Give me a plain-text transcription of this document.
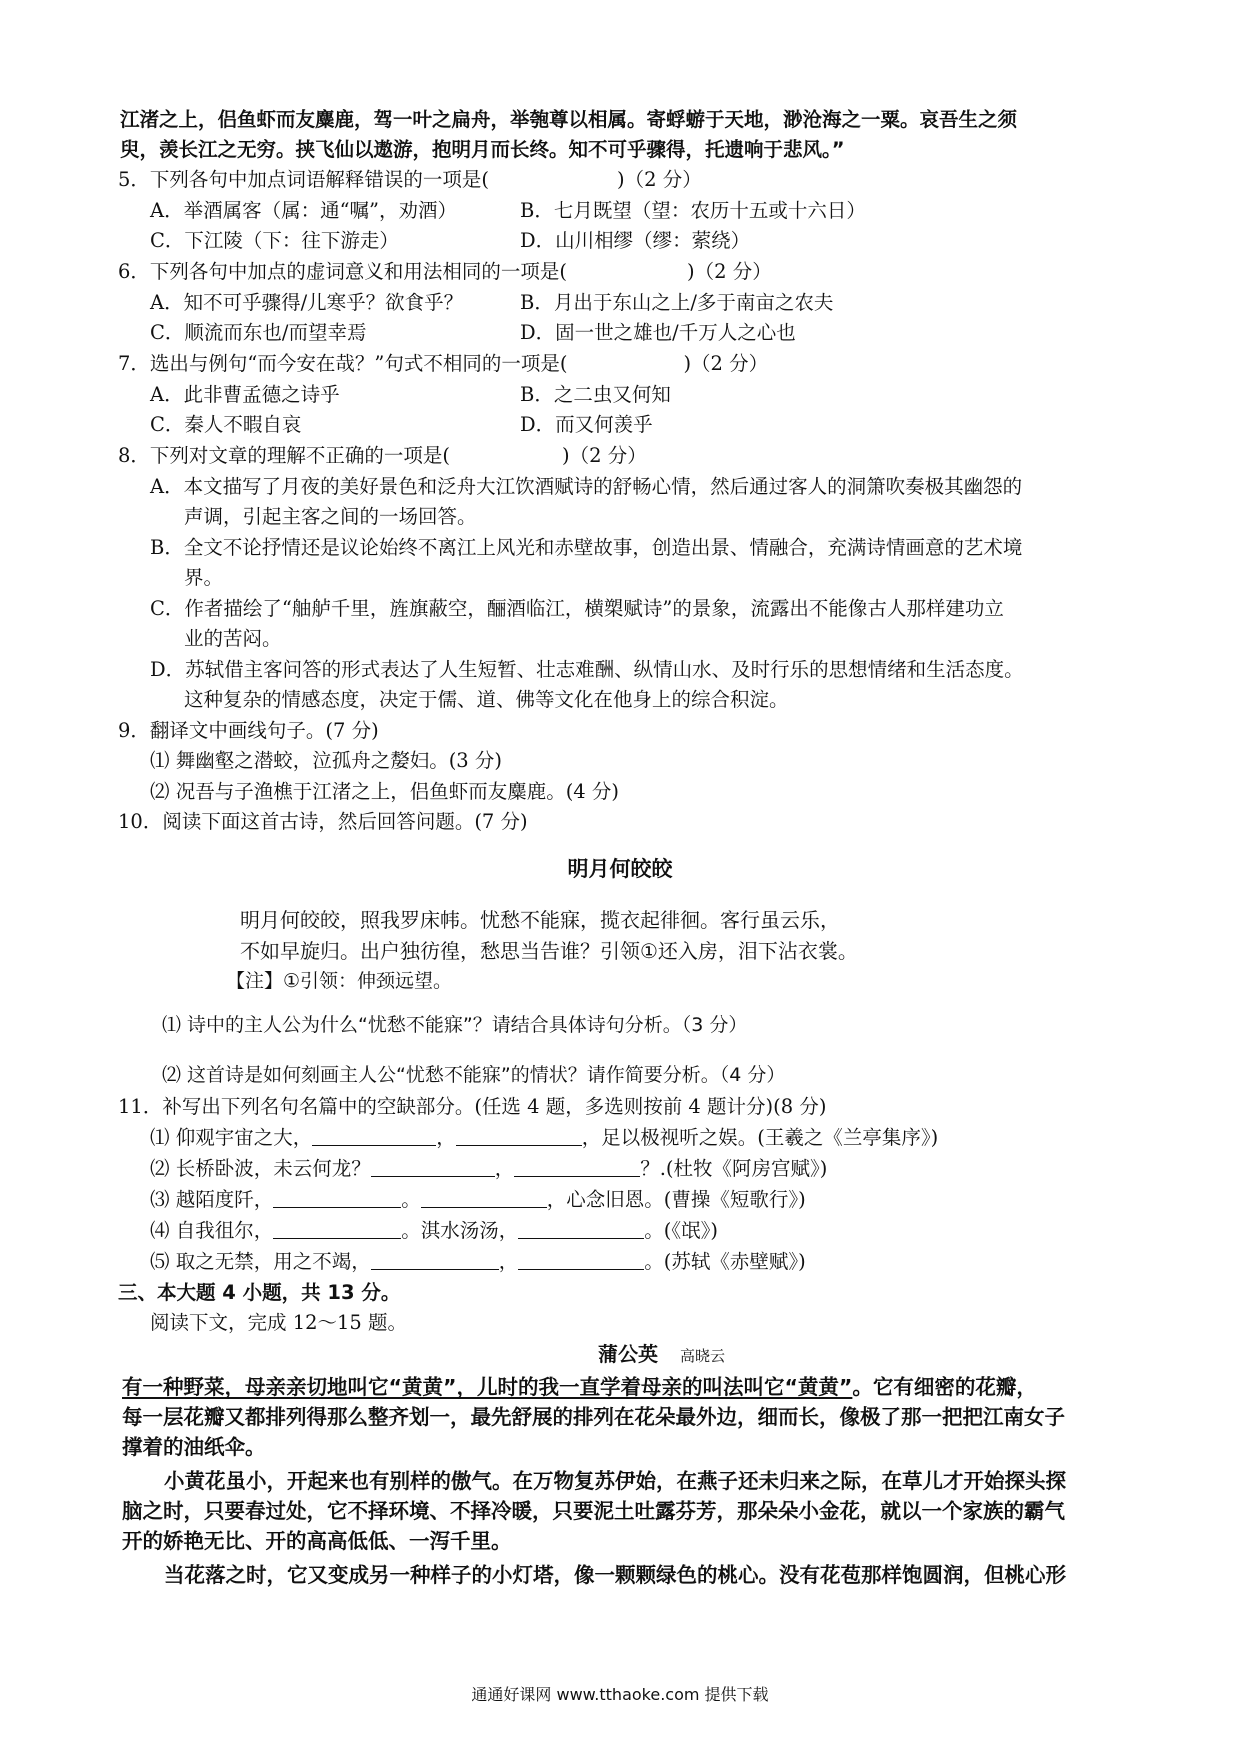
江渚之上，侣鱼虾而友麋鹿，驾一叶之扁舟，举匏尊以相属。寄蜉蝣于天地，渺沧海之一粟。哀吾生之须
臾，羡长江之无穷。挟飞仙以遨游，抱明月而长终。知不可乎骤得，托遗响于悲风。”
5．下列各句中加点词语解释错误的一项是(	)（2 分）
A．举酒属客（属：通“嘱”，劝酒）	B．七月既望（望：农历十五或十六日）
C．下江陵（下：往下游走）	D．山川相缪（缪：萦绕）
6．下列各句中加点的虚词意义和用法相同的一项是(	)（2 分）
A．知不可乎骤得/儿寒乎？欲食乎？	B．月出于东山之上/多于南亩之农夫
C．顺流而东也/而望幸焉	D．固一世之雄也/千万人之心也
7．选出与例句“而今安在哉？”句式不相同的一项是(	)（2 分）
A．此非曹孟德之诗乎	B．之二虫又何知
C．秦人不暇自哀	D．而又何羡乎
8．下列对文章的理解不正确的一项是(	)（2 分）
A．本文描写了月夜的美好景色和泛舟大江饮酒赋诗的舒畅心情，然后通过客人的洞箫吹奏极其幽怨的
声调，引起主客之间的一场回答。
B．全文不论抒情还是议论始终不离江上风光和赤壁故事，创造出景、情融合，充满诗情画意的艺术境
界。
C．作者描绘了“舳舻千里，旌旗蔽空，酾酒临江，横槊赋诗”的景象，流露出不能像古人那样建功立
业的苦闷。
D．苏轼借主客问答的形式表达了人生短暂、壮志难酬、纵情山水、及时行乐的思想情绪和生活态度。
这种复杂的情感态度，决定于儒、道、佛等文化在他身上的综合积淀。
9．翻译文中画线句子。(7 分)
⑴ 舞幽壑之潜蛟，泣孤舟之嫠妇。(3 分)
⑵ 况吾与子渔樵于江渚之上，侣鱼虾而友麋鹿。(4 分)
10．阅读下面这首古诗，然后回答问题。(7 分)
明月何皎皎
明月何皎皎，照我罗床帏。忧愁不能寐，揽衣起徘徊。客行虽云乐，
不如早旋归。出户独彷徨，愁思当告谁？引领①还入房，泪下沾衣裳。
【注】①引领：伸颈远望。
⑴ 诗中的主人公为什么“忧愁不能寐”？请结合具体诗句分析。（3 分）
⑵ 这首诗是如何刻画主人公“忧愁不能寐”的情状？请作简要分析。（4 分）
11．补写出下列名句名篇中的空缺部分。(任选 4 题，多选则按前 4 题计分)(8 分)
⑴ 仰观宇宙之大，	，	，足以极视听之娱。(王羲之《兰亭集序》)
⑵ 长桥卧波，未云何龙？	，	？.(杜牧《阿房宫赋》)
⑶ 越陌度阡，	。	，心念旧恩。(曹操《短歌行》)
⑷ 自我徂尔，	。淇水汤汤，	。(《氓》)
⑸ 取之无禁，用之不竭，	，	。(苏轼《赤壁赋》)
三、本大题 4 小题，共 13 分。
阅读下文，完成 12～15 题。
蒲公英 高晓云
有一种野菜，母亲亲切地叫它“黄黄”，儿时的我一直学着母亲的叫法叫它“黄黄”。它有细密的花瓣，
每一层花瓣又都排列得那么整齐划一，最先舒展的排列在花朵最外边，细而长，像极了那一把把江南女子
撑着的油纸伞。
小黄花虽小，开起来也有别样的傲气。在万物复苏伊始，在燕子还未归来之际，在草儿才开始探头探
脑之时，只要春过处，它不择环境、不择冷暖，只要泥土吐露芬芳，那朵朵小金花，就以一个家族的霸气
开的娇艳无比、开的高高低低、一泻千里。
当花落之时，它又变成另一种样子的小灯塔，像一颗颗绿色的桃心。没有花苞那样饱圆润，但桃心形
通通好课网 www.tthaoke.com 提供下载
